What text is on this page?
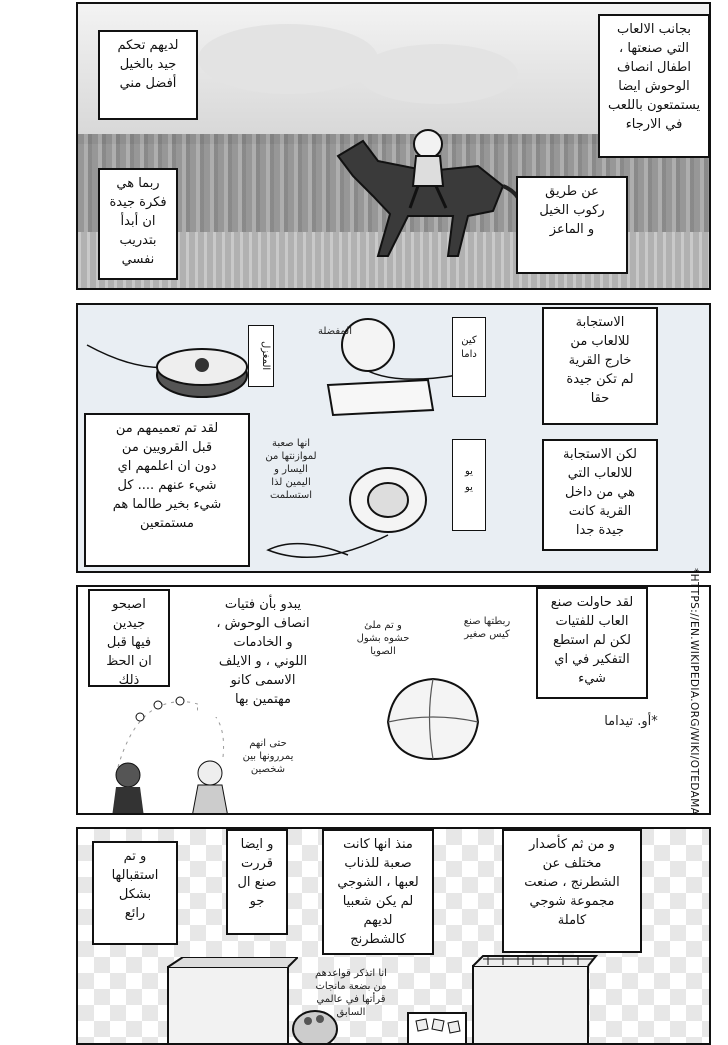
لديهم تحكم
جيد بالخيل
أفضل مني
ربما هي
فكرة جيدة
ان أبدأ
بتدريب
نفسي
بجانب الالعاب
التي صنعتها ،
اطفال انصاف
الوحوش ايضا
يستمتعون باللعب
في الارجاء
عن طريق
ركوب الخيل
و الماعز
المغزل
كين
داما
يو
يو
المفضلة
انها صعبة
لموازنتها من
اليسار و
اليمين لذا
استسلمت
الاستجابة
للالعاب من
خارج القرية
لم تكن جيدة
حقا
لكن الاستجابة
للالعاب التي
هي من داخل
القرية كانت
جيدة جدا
لقد تم تعميمهم من
قبل القرويين من
دون ان اعلمهم اي
شيء عنهم .... كل
شيء بخير طالما هم
مستمتعين
لقد حاولت صنع
العاب للفتيات
لكن لم استطع
التفكير في اي
شيء
*أو. تيداما
يبدو بأن فتيات
انصاف الوحوش ،
و الخادمات
اللوني ، و الايلف
الاسمى كانو
مهتمين بها
اصبحو
جيدين
فيها قبل
ان الحظ
ذلك
ربطتها صنع
كيس صغير
و تم ملئ
حشوه بشول
الصويا
حتى انهم
يمررونها بين
شخصين	*HTTPS://EN.WIKIPEDIA.ORG/WIKI/OTEDAMA
و من ثم كأصدار
مختلف عن
الشطرنج ، صنعت
مجموعة شوجي
كاملة
منذ انها كانت
صعبة للذناب
لعبها ، الشوجي
لم يكن شعبيا
لديهم
كالشطرنج
و ايضا
قررت
صنع ال
جو
و تم
استقبالها
بشكل
رائع
انا اتذكر قواعدهم
من بضعة مانجات
قرأتها في عالمي
السابق
